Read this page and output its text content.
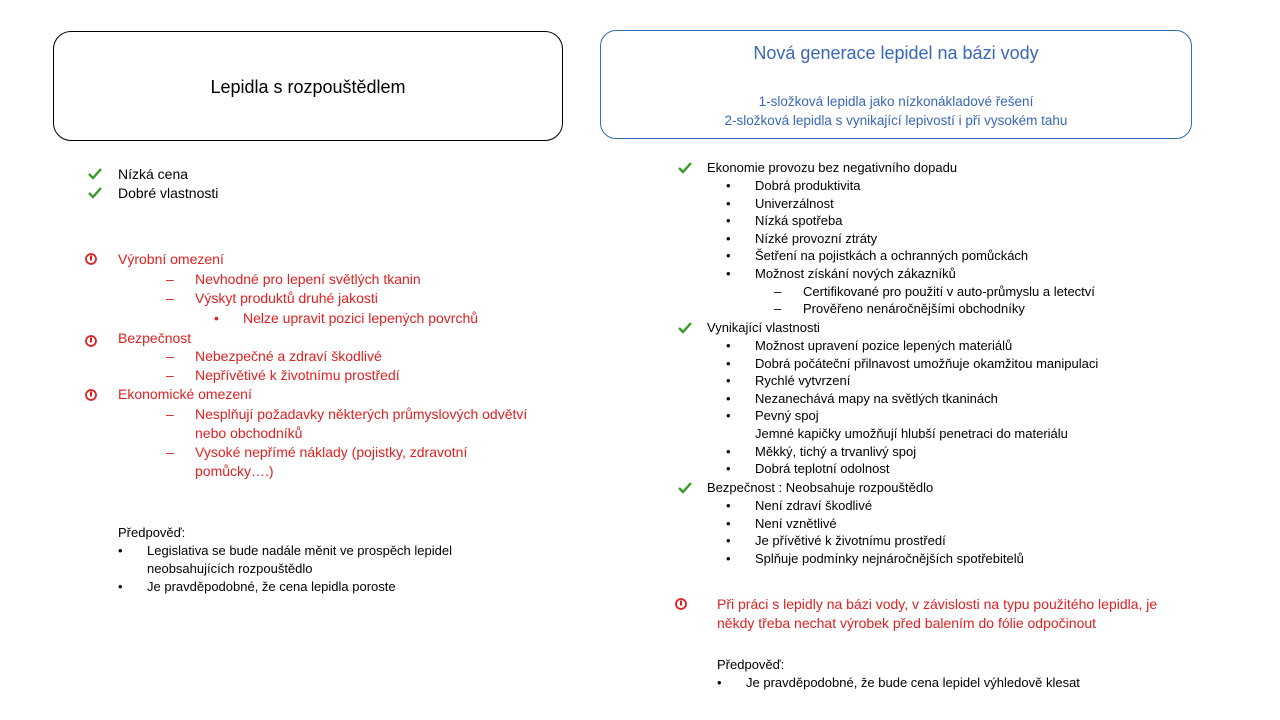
Lepidla s rozpouštědlem
Nízká cena
Dobré vlastnosti
Výrobní omezení
– Nevhodné pro lepení světlých tkanin
– Výskyt produktů druhé jakosti
• Nelze upravit pozici lepených povrchů
Bezpečnost
– Nebezpečné a zdraví škodlivé
– Nepřívětivé k životnímu prostředí
Ekonomické omezení
– Nesplňují požadavky některých průmyslových odvětví
nebo obchodníků
– Vysoké nepřímé náklady (pojistky, zdravotní
pomůcky….)
Předpověď:
• Legislativa se bude nadále měnit ve prospěch lepidel
neobsahujících rozpouštědlo
• Je pravděpodobné, že cena lepidla poroste
Nová generace lepidel na bázi vody
1-složková lepidla jako nízkonákladové řešení
2-složková lepidla s vynikající lepivostí i při vysokém tahu
Ekonomie provozu bez negativního dopadu
• Dobrá produktivita
• Univerzálnost
• Nízká spotřeba
• Nízké provozní ztráty
• Šetření na pojistkách a ochranných pomůckách
• Možnost získání nových zákazníků
– Certifikované pro použití v auto-průmyslu a letectví
– Prověřeno nenáročnějšími obchodníky
Vynikající vlastnosti
• Možnost upravení pozice lepených materiálů
• Dobrá počáteční přilnavost umožňuje okamžitou manipulaci
• Rychlé vytvrzení
• Nezanechává mapy na světlých tkaninách
• Pevný spoj
Jemné kapičky umožňují hlubší penetraci do materiálu
• Měkký, tichý a trvanlivý spoj
• Dobrá teplotní odolnost
Bezpečnost : Neobsahuje rozpouštědlo
• Není zdraví škodlivé
• Není vznětlivé
• Je přívětivé k životnímu prostředí
• Splňuje podmínky nejnáročnějších spotřebitelů
Při práci s lepidly na bázi vody, v závislosti na typu použitého lepidla, je
někdy třeba nechat výrobek před balením do fólie odpočinout
Předpověď:
• Je pravděpodobné, že bude cena lepidel výhledově klesat
